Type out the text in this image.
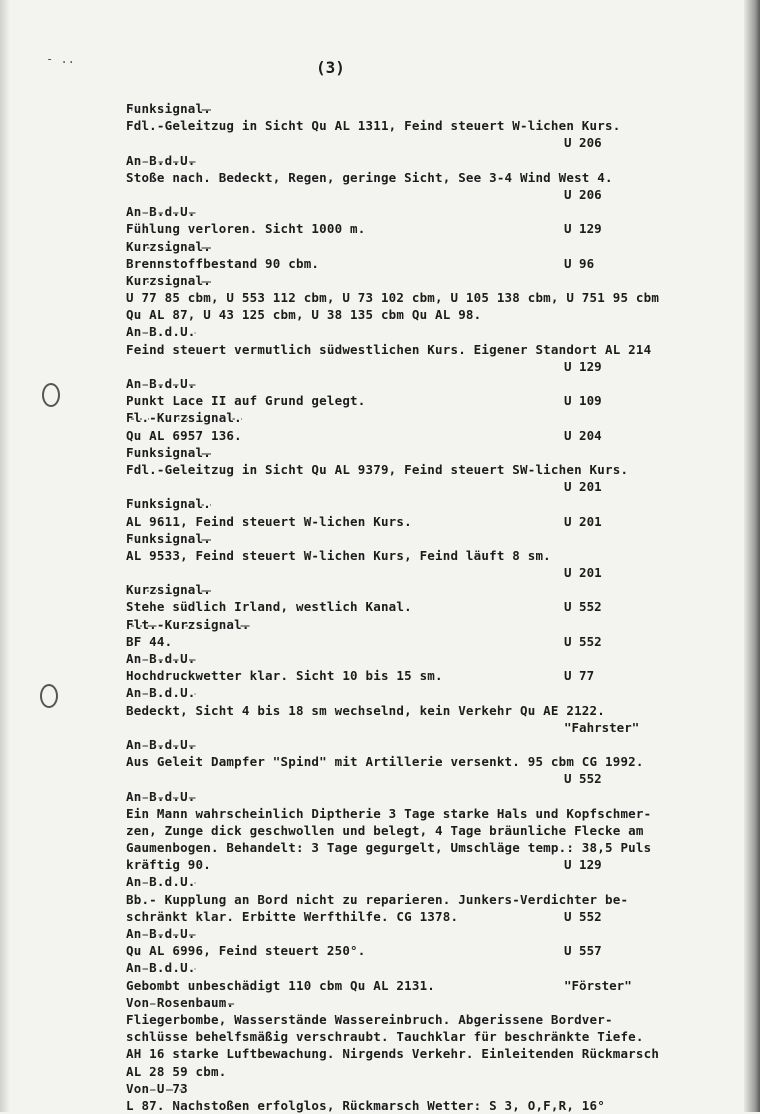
- ..	(3)
Funksignal.
Fdl.-Geleitzug in Sicht Qu AL 1311, Feind steuert W-lichen Kurs.
U 206
An B.d.U.
Stoße nach. Bedeckt, Regen, geringe Sicht, See 3-4 Wind West 4.
U 206
An B.d.U.
Fühlung verloren. Sicht 1000 m.	U 129
Kurzsignal.
Brennstoffbestand 90 cbm.	U 96
Kurzsignal.
U 77 85 cbm, U 553 112 cbm, U 73 102 cbm, U 105 138 cbm, U 751 95 cbm
Qu AL 87, U 43 125 cbm, U 38 135 cbm Qu AL 98.
An B.d.U.
Feind steuert vermutlich südwestlichen Kurs. Eigener Standort AL 214
U 129
An B.d.U.
Punkt Lace II auf Grund gelegt.	U 109
Fl.-Kurzsignal.
Qu AL 6957 136.	U 204
Funksignal.
Fdl.-Geleitzug in Sicht Qu AL 9379, Feind steuert SW-lichen Kurs.
U 201
Funksignal.
AL 9611, Feind steuert W-lichen Kurs.	U 201
Funksignal.
AL 9533, Feind steuert W-lichen Kurs, Feind läuft 8 sm.
U 201
Kurzsignal.
Stehe südlich Irland, westlich Kanal.	U 552
Flt.-Kurzsignal.
BF 44.	U 552
An B.d.U.
Hochdruckwetter klar. Sicht 10 bis 15 sm.	U 77
An B.d.U.
Bedeckt, Sicht 4 bis 18 sm wechselnd, kein Verkehr Qu AE 2122.
"Fahrster"
An B.d.U.
Aus Geleit Dampfer "Spind" mit Artillerie versenkt. 95 cbm CG 1992.
U 552
An B.d.U.
Ein Mann wahrscheinlich Diptherie 3 Tage starke Hals und Kopfschmer-
zen, Zunge dick geschwollen und belegt, 4 Tage bräunliche Flecke am
Gaumenbogen. Behandelt: 3 Tage gegurgelt, Umschläge temp.: 38,5 Puls
kräftig 90.	U 129
An B.d.U.
Bb.- Kupplung an Bord nicht zu reparieren. Junkers-Verdichter be-
schränkt klar. Erbitte Werfthilfe. CG 1378.	U 552
An B.d.U.
Qu AL 6996, Feind steuert 250°.	U 557
An B.d.U.
Gebombt unbeschädigt 110 cbm Qu AL 2131.	"Förster"
Von Rosenbaum.
Fliegerbombe, Wasserstände Wassereinbruch. Abgerissene Bordver-
schlüsse behelfsmäßig verschraubt. Tauchklar für beschränkte Tiefe.
AH 16 starke Luftbewachung. Nirgends Verkehr. Einleitenden Rückmarsch
AL 28 59 cbm.
Von U 73
L 87. Nachstoßen erfolglos, Rückmarsch Wetter: S 3, O,F,R, 16°
